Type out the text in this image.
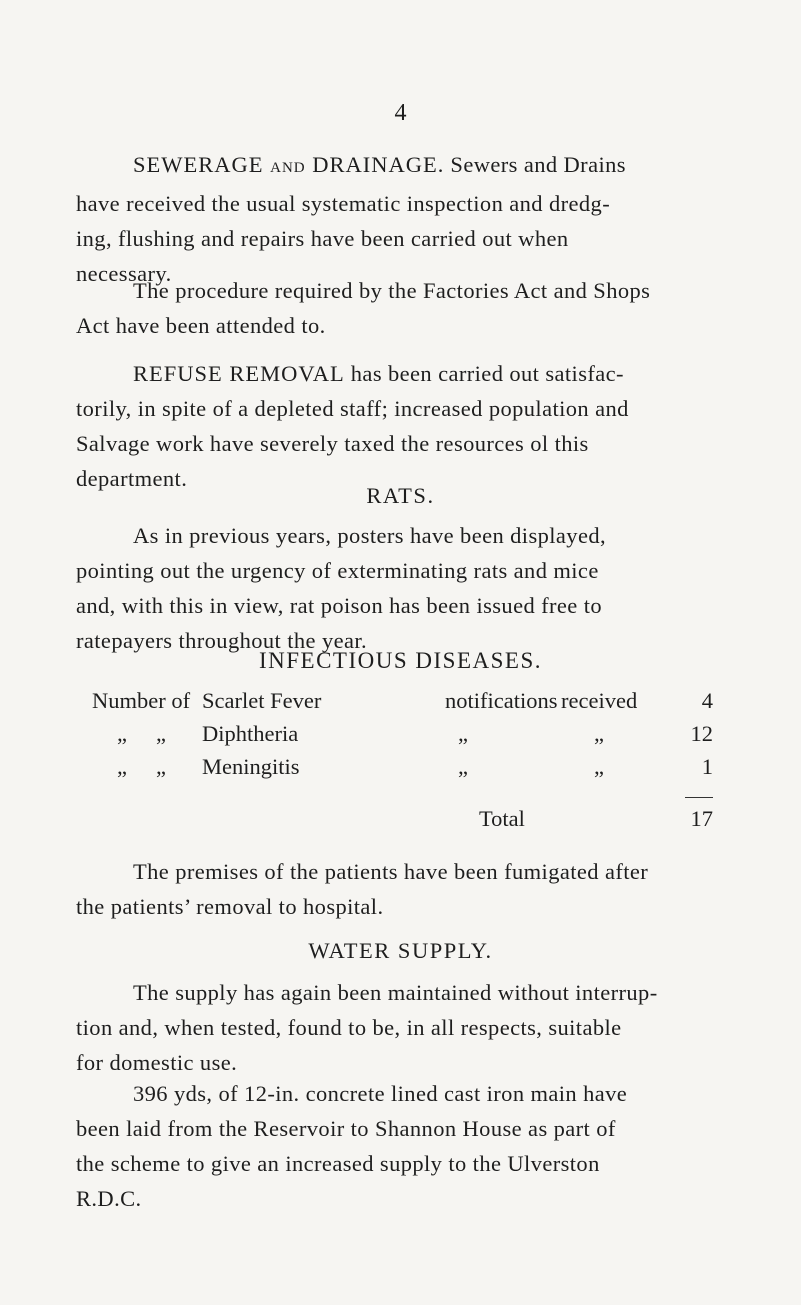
4
SEWERAGE AND DRAINAGE. Sewers and Drains
have received the usual systematic inspection and dredg-
ing, flushing and repairs have been carried out when
necessary.
The procedure required by the Factories Act and Shops
Act have been attended to.
REFUSE REMOVAL has been carried out satisfac-
torily, in spite of a depleted staff; increased population and
Salvage work have severely taxed the resources ol this
department.
RATS.
As in previous years, posters have been displayed,
pointing out the urgency of exterminating rats and mice
and, with this in view, rat poison has been issued free to
ratepayers throughout the year.
INFECTIOUS DISEASES.
Number of Scarlet Fever	notifications received	4
„ „ Diphtheria	„	„	12
„ „ Meningitis	„	„	1
Total	17
The premises of the patients have been fumigated after
the patients’ removal to hospital.
WATER SUPPLY.
The supply has again been maintained without interrup-
tion and, when tested, found to be, in all respects, suitable
for domestic use.
396 yds, of 12-in. concrete lined cast iron main have
been laid from the Reservoir to Shannon House as part of
the scheme to give an increased supply to the Ulverston
R.D.C.
